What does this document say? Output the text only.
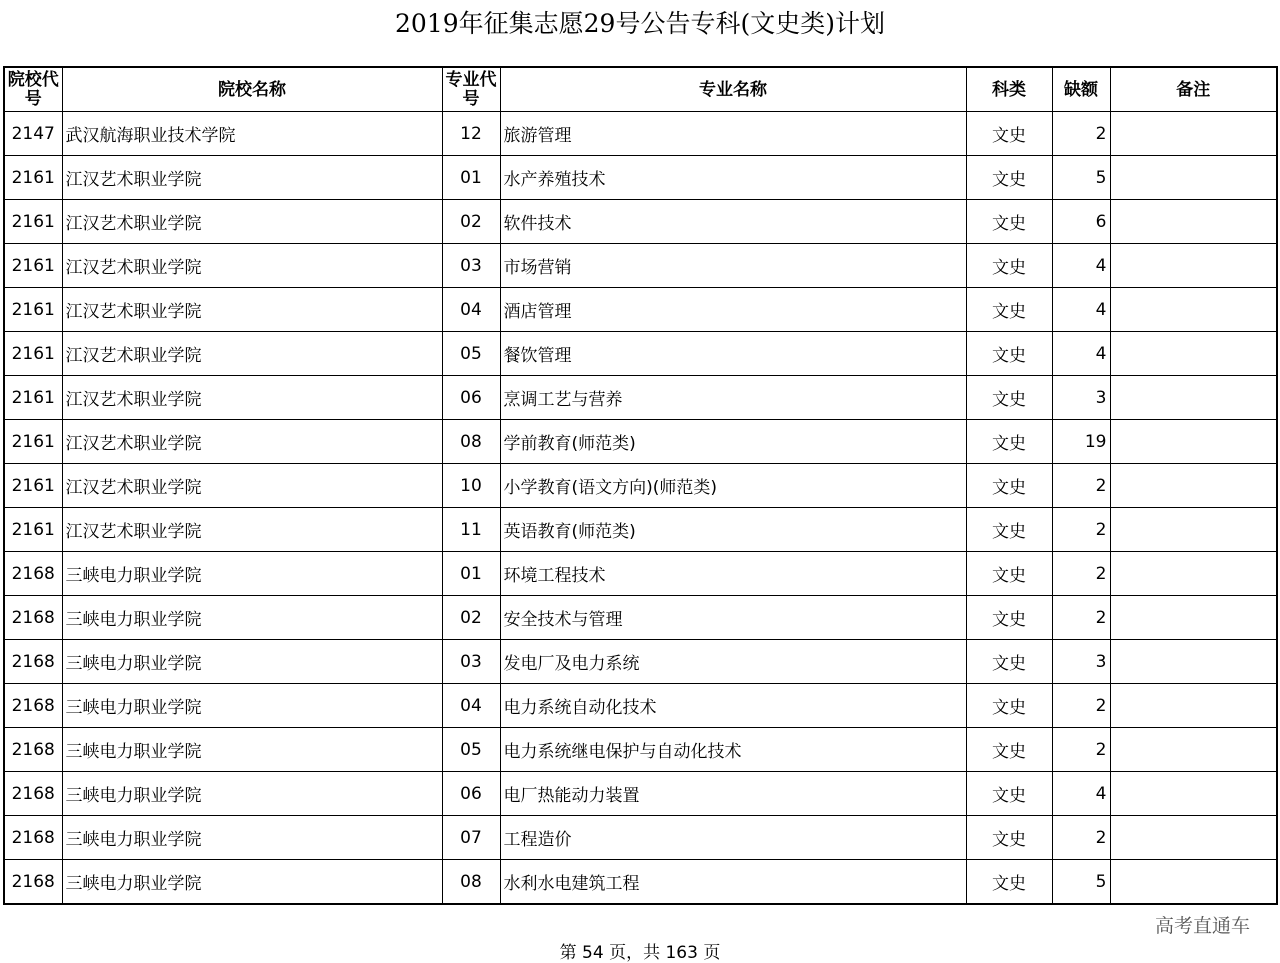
2019年征集志愿29号公告专科(文史类)计划
院校代号	院校名称	专业代号	专业名称	科类	缺额	备注
2147	武汉航海职业技术学院	12	旅游管理	文史	2	
2161	江汉艺术职业学院	01	水产养殖技术	文史	5	
2161	江汉艺术职业学院	02	软件技术	文史	6	
2161	江汉艺术职业学院	03	市场营销	文史	4	
2161	江汉艺术职业学院	04	酒店管理	文史	4	
2161	江汉艺术职业学院	05	餐饮管理	文史	4	
2161	江汉艺术职业学院	06	烹调工艺与营养	文史	3	
2161	江汉艺术职业学院	08	学前教育(师范类)	文史	19	
2161	江汉艺术职业学院	10	小学教育(语文方向)(师范类)	文史	2	
2161	江汉艺术职业学院	11	英语教育(师范类)	文史	2	
2168	三峡电力职业学院	01	环境工程技术	文史	2	
2168	三峡电力职业学院	02	安全技术与管理	文史	2	
2168	三峡电力职业学院	03	发电厂及电力系统	文史	3	
2168	三峡电力职业学院	04	电力系统自动化技术	文史	2	
2168	三峡电力职业学院	05	电力系统继电保护与自动化技术	文史	2	
2168	三峡电力职业学院	06	电厂热能动力装置	文史	4	
2168	三峡电力职业学院	07	工程造价	文史	2	
2168	三峡电力职业学院	08	水利水电建筑工程	文史	5	
高考直通车
第 54 页，共 163 页
